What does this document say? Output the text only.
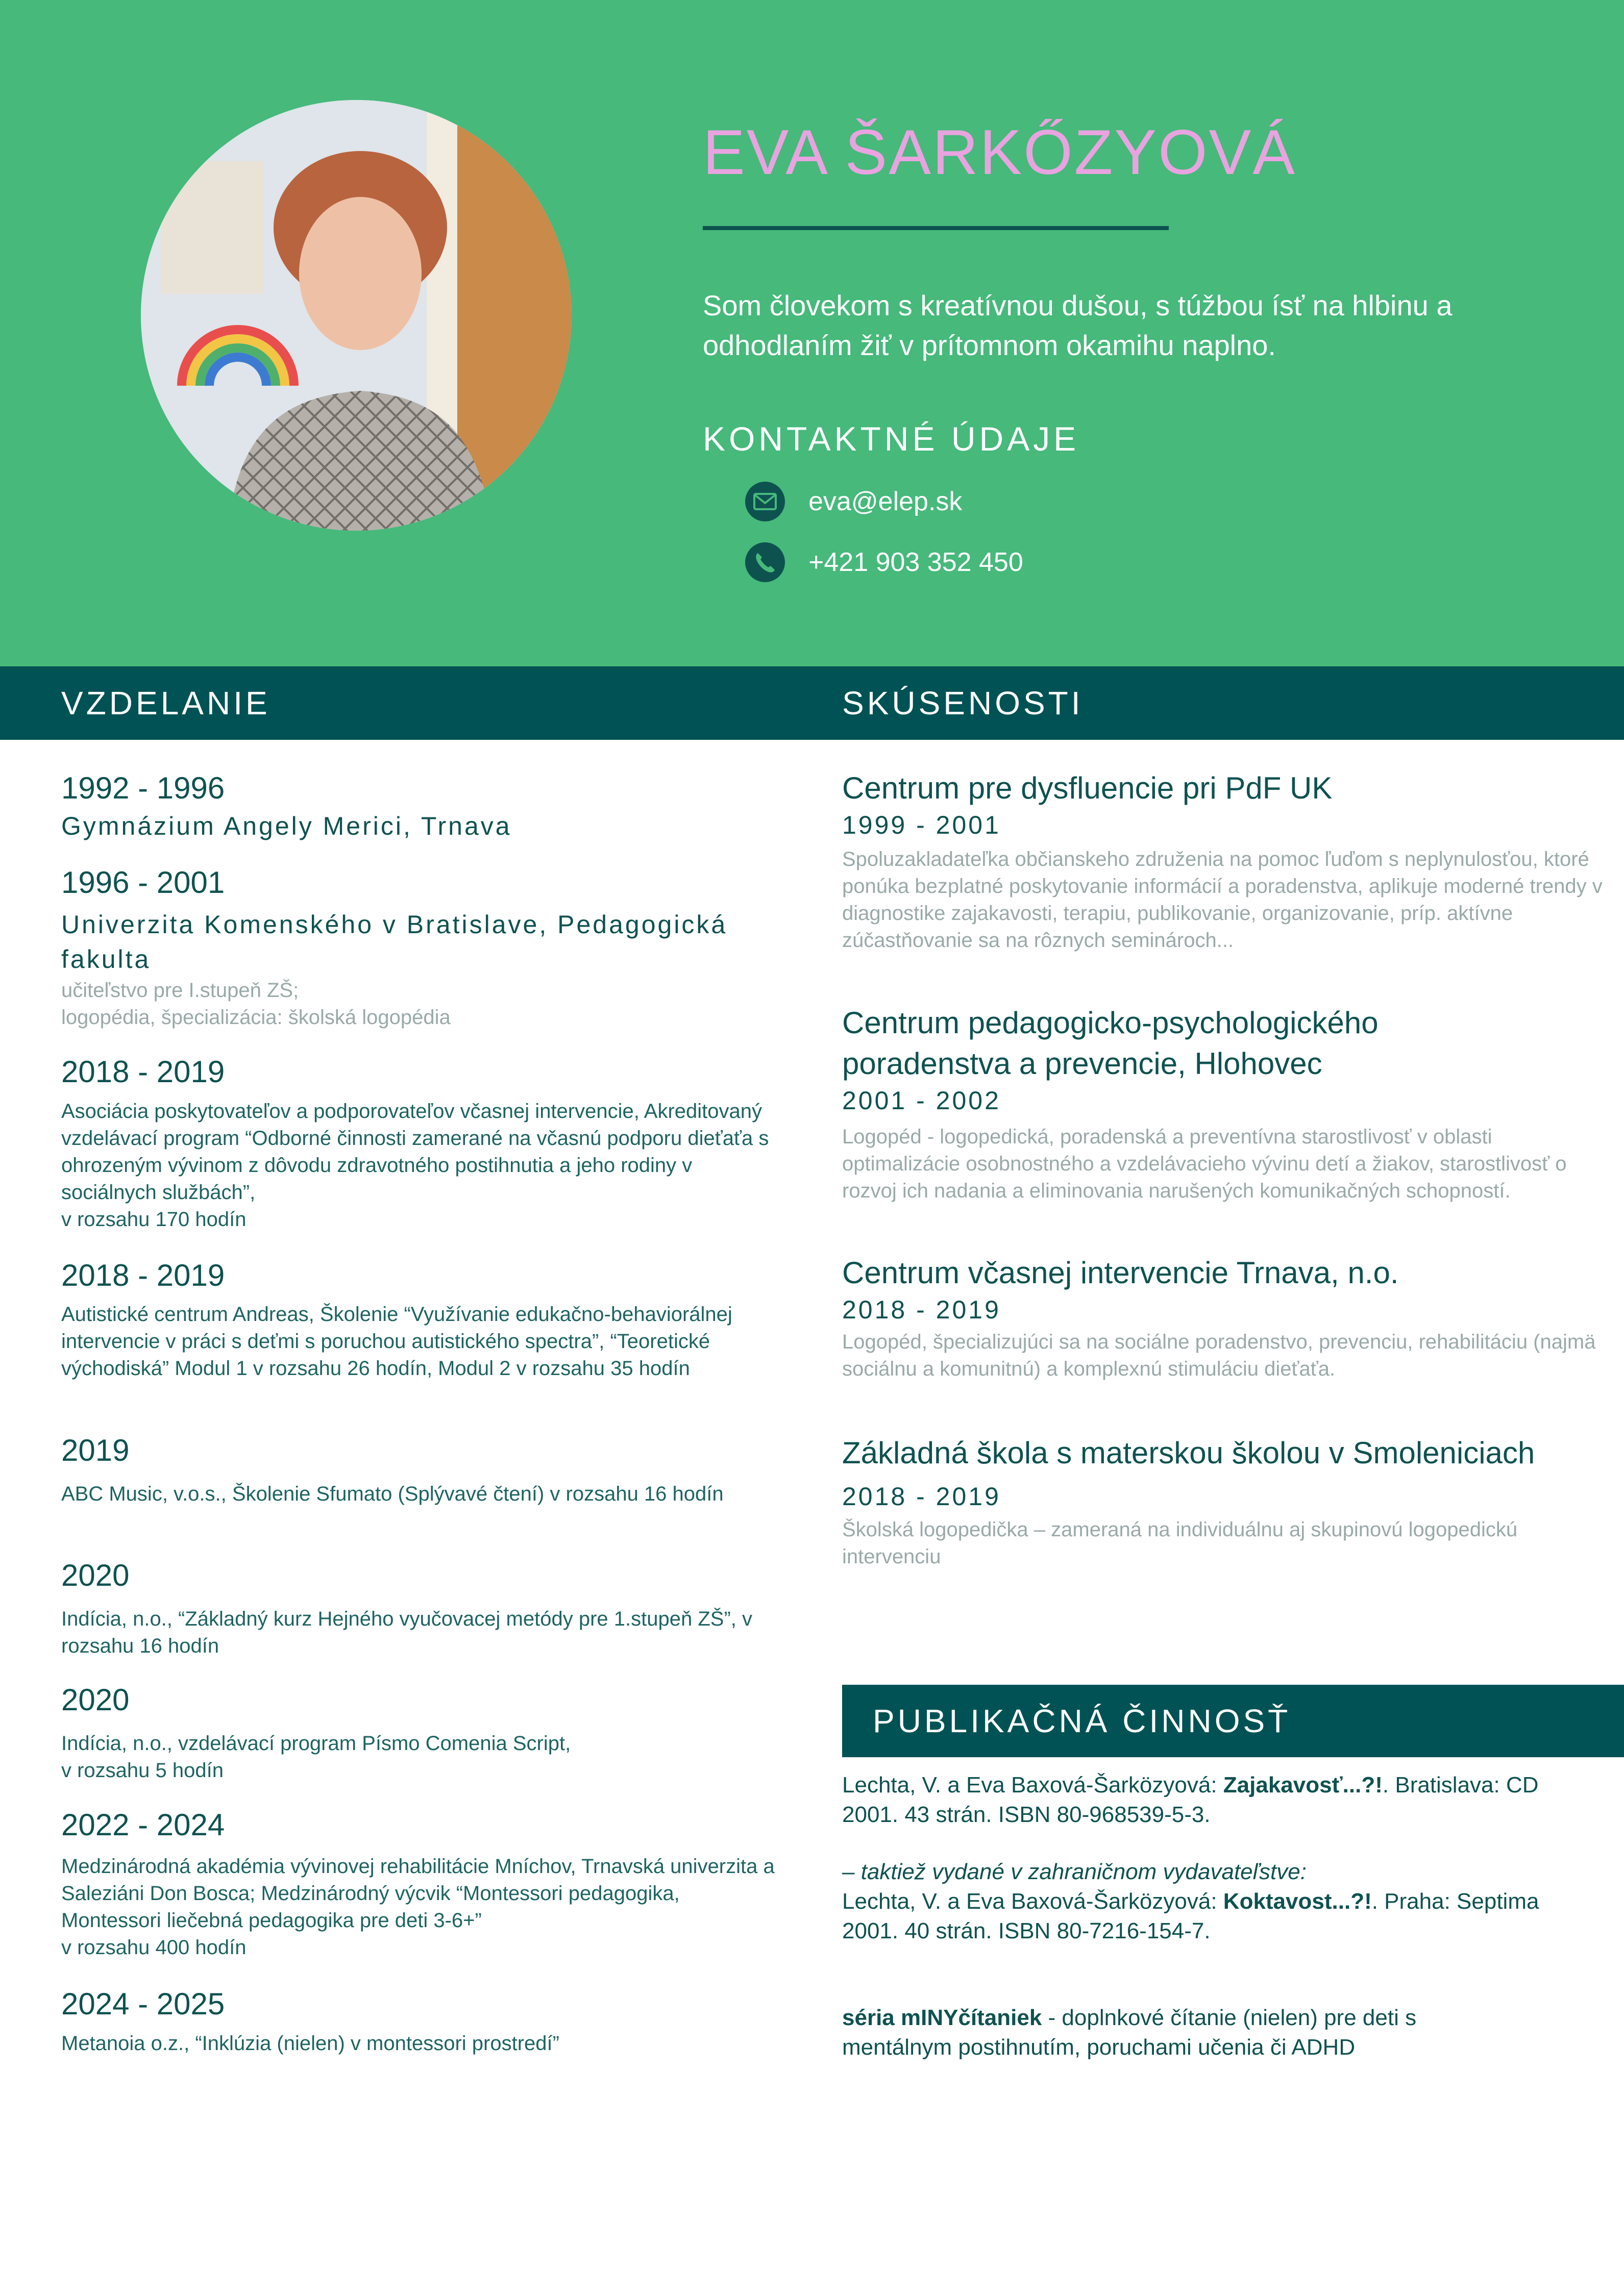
EVA ŠARKŐZYOVÁ
Som človekom s kreatívnou dušou, s túžbou ísť na hlbinu a odhodlaním žiť v prítomnom okamihu naplno.
KONTAKTNÉ ÚDAJE
eva@elep.sk
+421 903 352 450
VZDELANIE	SKÚSENOSTI
1992 - 1996
Gymnázium Angely Merici, Trnava
1996 - 2001
Univerzita Komenského v Bratislave, Pedagogická fakulta
učiteľstvo pre I.stupeň ZŠ;
logopédia, špecializácia: školská logopédia
2018 - 2019
Asociácia poskytovateľov a podporovateľov včasnej intervencie, Akreditovaný vzdelávací program “Odborné činnosti zamerané na včasnú podporu dieťaťa s ohrozeným vývinom z dôvodu zdravotného postihnutia a jeho rodiny v sociálnych službách”,
v rozsahu 170 hodín
2018 - 2019
Autistické centrum Andreas, Školenie “Využívanie edukačno-behaviorálnej intervencie v práci s deťmi s poruchou autistického spectra”, “Teoretické východiská” Modul 1 v rozsahu 26 hodín, Modul 2 v rozsahu 35 hodín
2019
ABC Music, v.o.s., Školenie Sfumato (Splývavé čtení) v rozsahu 16 hodín
2020
Indícia, n.o., “Základný kurz Hejného vyučovacej metódy pre 1.stupeň ZŠ”, v rozsahu 16 hodín
2020
Indícia, n.o., vzdelávací program Písmo Comenia Script,
v rozsahu 5 hodín
2022 - 2024
Medzinárodná akadémia vývinovej rehabilitácie Mníchov, Trnavská univerzita a Saleziáni Don Bosca; Medzinárodný výcvik “Montessori pedagogika, Montessori liečebná pedagogika pre deti 3-6+”
v rozsahu 400 hodín
2024 - 2025
Metanoia o.z., “Inklúzia (nielen) v montessori prostredí”
Centrum pre dysfluencie pri PdF UK
1999 - 2001
Spoluzakladateľka občianskeho združenia na pomoc ľuďom s neplynulosťou, ktoré ponúka bezplatné poskytovanie informácií a poradenstva, aplikuje moderné trendy v diagnostike zajakavosti, terapiu, publikovanie, organizovanie, príp. aktívne zúčastňovanie sa na rôznych seminároch...
Centrum pedagogicko-psychologického poradenstva a prevencie, Hlohovec
2001 - 2002
Logopéd - logopedická, poradenská a preventívna starostlivosť v oblasti optimalizácie osobnostného a vzdelávacieho vývinu detí a žiakov, starostlivosť o rozvoj ich nadania a eliminovania narušených komunikačných schopností.
Centrum včasnej intervencie Trnava, n.o.
2018 - 2019
Logopéd, špecializujúci sa na sociálne poradenstvo, prevenciu, rehabilitáciu (najmä sociálnu a komunitnú) a komplexnú stimuláciu dieťaťa.
Základná škola s materskou školou v Smoleniciach
2018 - 2019
Školská logopedička – zameraná na individuálnu aj skupinovú logopedickú intervenciu
PUBLIKAČNÁ ČINNOSŤ
Lechta, V. a Eva Baxová-Šarközyová: Zajakavosť...?!. Bratislava: CD 2001. 43 strán. ISBN 80-968539-5-3.
– taktiež vydané v zahraničnom vydavateľstve:
Lechta, V. a Eva Baxová-Šarközyová: Koktavost...?!. Praha: Septima 2001. 40 strán. ISBN 80-7216-154-7.
séria mINYčítaniek - doplnkové čítanie (nielen) pre deti s mentálnym postihnutím, poruchami učenia či ADHD
